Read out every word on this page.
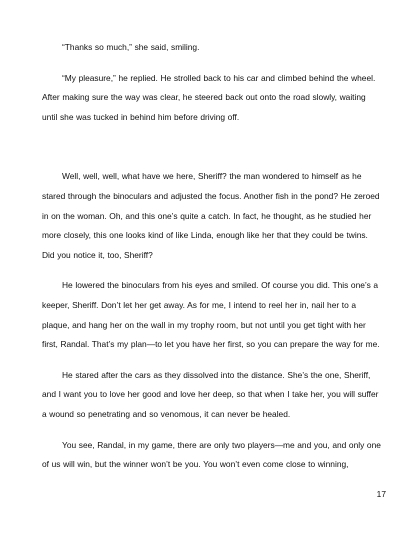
“Thanks so much,” she said, smiling.

“My pleasure,” he replied. He strolled back to his car and climbed behind the wheel. After making sure the way was clear, he steered back out onto the road slowly, waiting until she was tucked in behind him before driving off.

Well, well, well, what have we here, Sheriff? the man wondered to himself as he stared through the binoculars and adjusted the focus. Another fish in the pond? He zeroed in on the woman. Oh, and this one’s quite a catch. In fact, he thought, as he studied her more closely, this one looks kind of like Linda, enough like her that they could be twins. Did you notice it, too, Sheriff?

He lowered the binoculars from his eyes and smiled. Of course you did. This one’s a keeper, Sheriff. Don’t let her get away. As for me, I intend to reel her in, nail her to a plaque, and hang her on the wall in my trophy room, but not until you get tight with her first, Randal. That’s my plan—to let you have her first, so you can prepare the way for me.

He stared after the cars as they dissolved into the distance. She’s the one, Sheriff, and I want you to love her good and love her deep, so that when I take her, you will suffer a wound so penetrating and so venomous, it can never be healed.

You see, Randal, in my game, there are only two players—me and you, and only one of us will win, but the winner won’t be you. You won’t even come close to winning,

17
